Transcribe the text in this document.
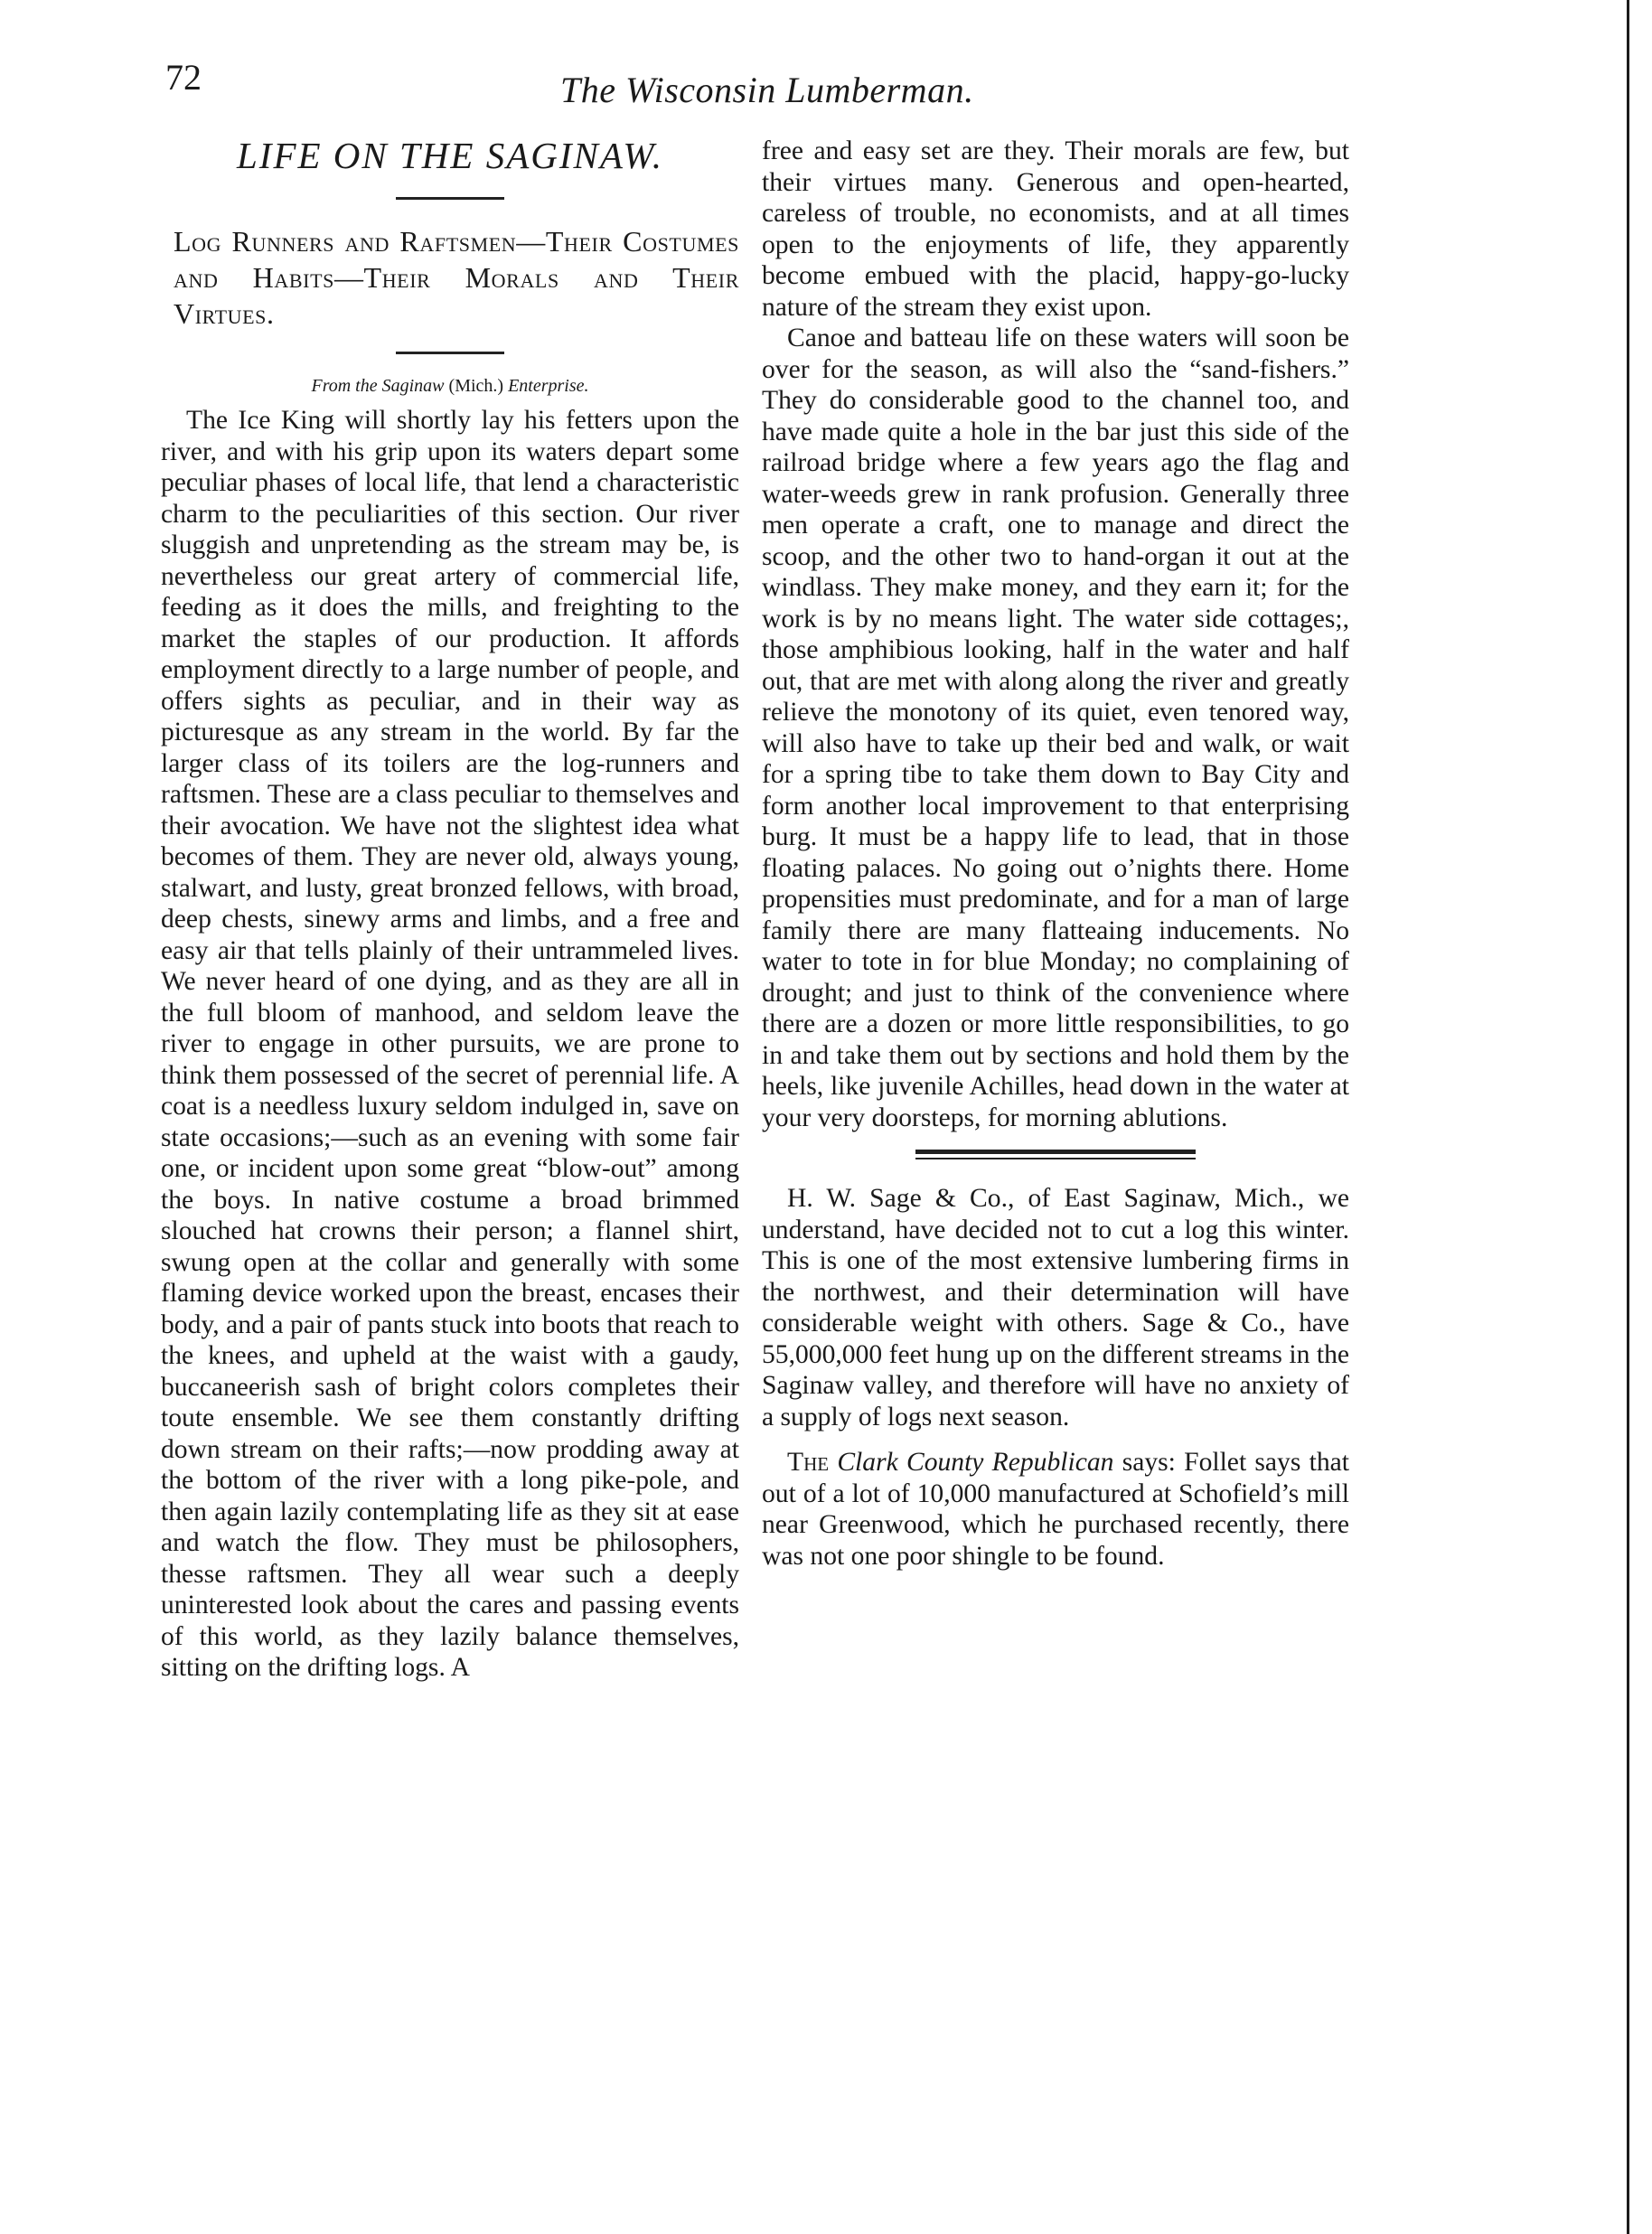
72	The Wisconsin Lumberman.
LIFE ON THE SAGINAW.
Log Runners and Raftsmen—Their Costumes and Habits—Their Morals and Their Virtues.
From the Saginaw (Mich.) Enterprise.

The Ice King will shortly lay his fetters upon the river, and with his grip upon its waters depart some peculiar phases of local life, that lend a characteristic charm to the peculiarities of this section. Our river sluggish and unpretending as the stream may be, is nevertheless our great artery of commercial life, feeding as it does the mills, and freighting to the market the staples of our production. It affords employment directly to a large number of people, and offers sights as peculiar, and in their way as picturesque as any stream in the world. By far the larger class of its toilers are the log-runners and raftsmen. These are a class peculiar to themselves and their avocation. We have not the slightest idea what becomes of them. They are never old, always young, stalwart, and lusty, great bronzed fellows, with broad, deep chests, sinewy arms and limbs, and a free and easy air that tells plainly of their untrammeled lives. We never heard of one dying, and as they are all in the full bloom of manhood, and seldom leave the river to engage in other pursuits, we are prone to think them possessed of the secret of perennial life. A coat is a needless luxury seldom indulged in, save on state occasions;—such as an evening with some fair one, or incident upon some great “blow-out” among the boys. In native costume a broad brimmed slouched hat crowns their person; a flannel shirt, swung open at the collar and generally with some flaming device worked upon the breast, encases their body, and a pair of pants stuck into boots that reach to the knees, and upheld at the waist with a gaudy, buccaneerish sash of bright colors completes their toute ensemble. We see them constantly drifting down stream on their rafts;—now prodding away at the bottom of the river with a long pike-pole, and then again lazily contemplating life as they sit at ease and watch the flow. They must be philosophers, thesse raftsmen. They all wear such a deeply uninterested look about the cares and passing events of this world, as they lazily balance themselves, sitting on the drifting logs. A

free and easy set are they. Their morals are few, but their virtues many. Generous and open-hearted, careless of trouble, no economists, and at all times open to the enjoyments of life, they apparently become embued with the placid, happy-go-lucky nature of the stream they exist upon.

Canoe and batteau life on these waters will soon be over for the season, as will also the “sand-fishers.” They do considerable good to the channel too, and have made quite a hole in the bar just this side of the railroad bridge where a few years ago the flag and water-weeds grew in rank profusion. Generally three men operate a craft, one to manage and direct the scoop, and the other two to hand-organ it out at the windlass. They make money, and they earn it; for the work is by no means light. The water side cottages;, those amphibious looking, half in the water and half out, that are met with along along the river and greatly relieve the monotony of its quiet, even tenored way, will also have to take up their bed and walk, or wait for a spring tibe to take them down to Bay City and form another local improvement to that enterprising burg. It must be a happy life to lead, that in those floating palaces. No going out o’nights there. Home propensities must predominate, and for a man of large family there are many flatteaing inducements. No water to tote in for blue Monday; no complaining of drought; and just to think of the convenience where there are a dozen or more little responsibilities, to go in and take them out by sections and hold them by the heels, like juvenile Achilles, head down in the water at your very doorsteps, for morning ablutions.

H. W. Sage & Co., of East Saginaw, Mich., we understand, have decided not to cut a log this winter. This is one of the most extensive lumbering firms in the northwest, and their determination will have considerable weight with others. Sage & Co., have 55,000,000 feet hung up on the different streams in the Saginaw valley, and therefore will have no anxiety of a supply of logs next season.

The Clark County Republican says: Follet says that out of a lot of 10,000 manufactured at Schofield’s mill near Greenwood, which he purchased recently, there was not one poor shingle to be found.
